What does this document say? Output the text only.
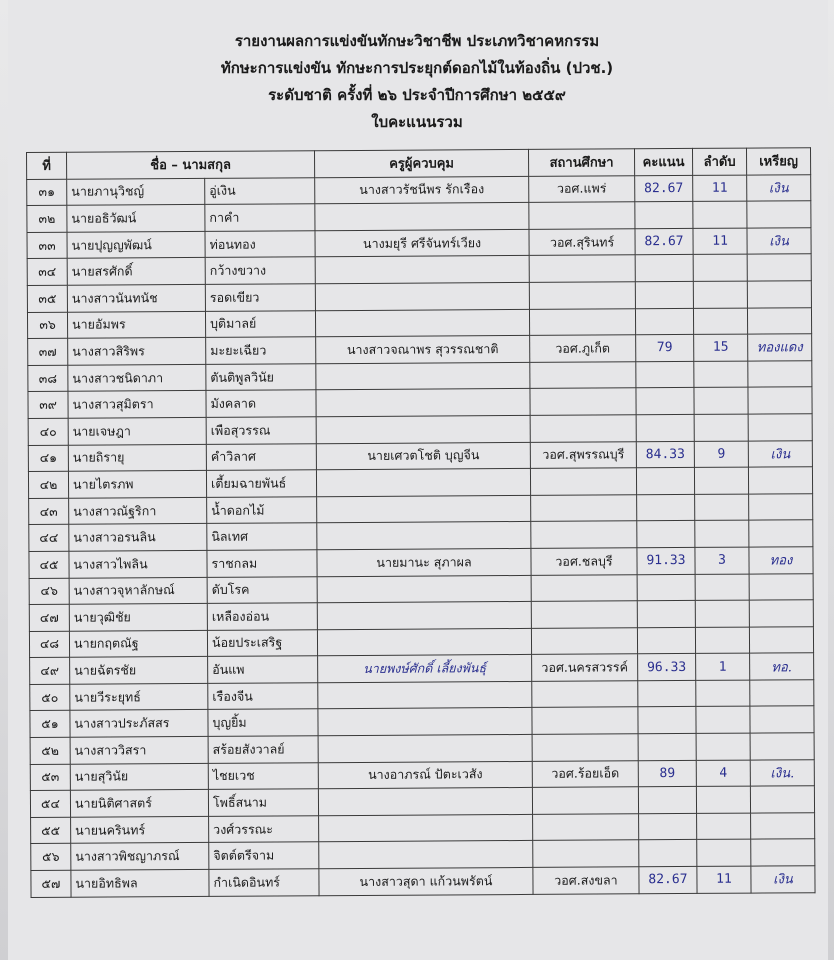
รายงานผลการแข่งขันทักษะวิชาชีพ ประเภทวิชาคหกรรม
ทักษะการแข่งขัน ทักษะการประยุกต์ดอกไม้ในท้องถิ่น (ปวช.)
ระดับชาติ ครั้งที่ ๒๖ ประจำปีการศึกษา ๒๕๕๙
ใบคะแนนรวม
ที่	ชื่อ – นามสกุล		ครูผู้ควบคุม	สถานศึกษา	คะแนน	ลำดับ	เหรียญ
๓๑	นายภานุวิชญ์	อู่เงิน	นางสาวรัชนีพร รักเรือง	วอศ.แพร่	82.67	11	เงิน
๓๒	นายอธิวัฒน์	กาคำ					
๓๓	นายปุญญพัฒน์	ท่อนทอง	นางมยุรี ศรีจันทร์เวียง	วอศ.สุรินทร์	82.67	11	เงิน
๓๔	นายสรศักดิ์	กว้างขวาง					
๓๕	นางสาวนันทนัช	รอดเขียว					
๓๖	นายอัมพร	บุติมาลย์					
๓๗	นางสาวสิริพร	มะยะเฉียว	นางสาวจณาพร สุวรรณชาติ	วอศ.ภูเก็ต	79	15	ทองแดง
๓๘	นางสาวชนิดาภา	ตันติพูลวินัย					
๓๙	นางสาวสุมิตรา	มังคลาด					
๔๐	นายเจษฎา	เพือสุวรรณ					
๔๑	นายถิรายุ	คำวิลาศ	นายเศวตโชติ บุญจีน	วอศ.สุพรรณบุรี	84.33	9	เงิน
๔๒	นายไตรภพ	เตี้ยมฉายพันธ์					
๔๓	นางสาวณัฐริกา	น้ำดอกไม้					
๔๔	นางสาวอรนลิน	นิลเทศ					
๔๕	นางสาวไพลิน	ราชกลม	นายมานะ สุภาผล	วอศ.ชลบุรี	91.33	3	ทอง
๔๖	นางสาวจุหาลักษณ์	ดับโรค					
๔๗	นายวุฒิชัย	เหลืองอ่อน					
๔๘	นายกฤตณัฐ	น้อยประเสริฐ					
๔๙	นายฉัตรชัย	อันแพ	นายพงษ์ศักดิ์ เลี้ยงพันธุ์	วอศ.นครสวรรค์	96.33	1	ทอ.
๕๐	นายวีระยุทธ์	เรืองจีน					
๕๑	นางสาวประภัสสร	บุญยิ้ม					
๕๒	นางสาววิสรา	สร้อยสังวาลย์					
๕๓	นายสุวินัย	ไชยเวช	นางอาภรณ์ ปัตะเวสัง	วอศ.ร้อยเอ็ด	89	4	เงิน.
๕๔	นายนิติศาสตร์	โพธิ์สนาม					
๕๕	นายนครินทร์	วงศ์วรรณะ					
๕๖	นางสาวพิชญาภรณ์	จิตต์ตรีจาม					
๕๗	นายอิทธิพล	กำเนิดอินทร์	นางสาวสุดา แก้วนพรัตน์	วอศ.สงขลา	82.67	11	เงิน
